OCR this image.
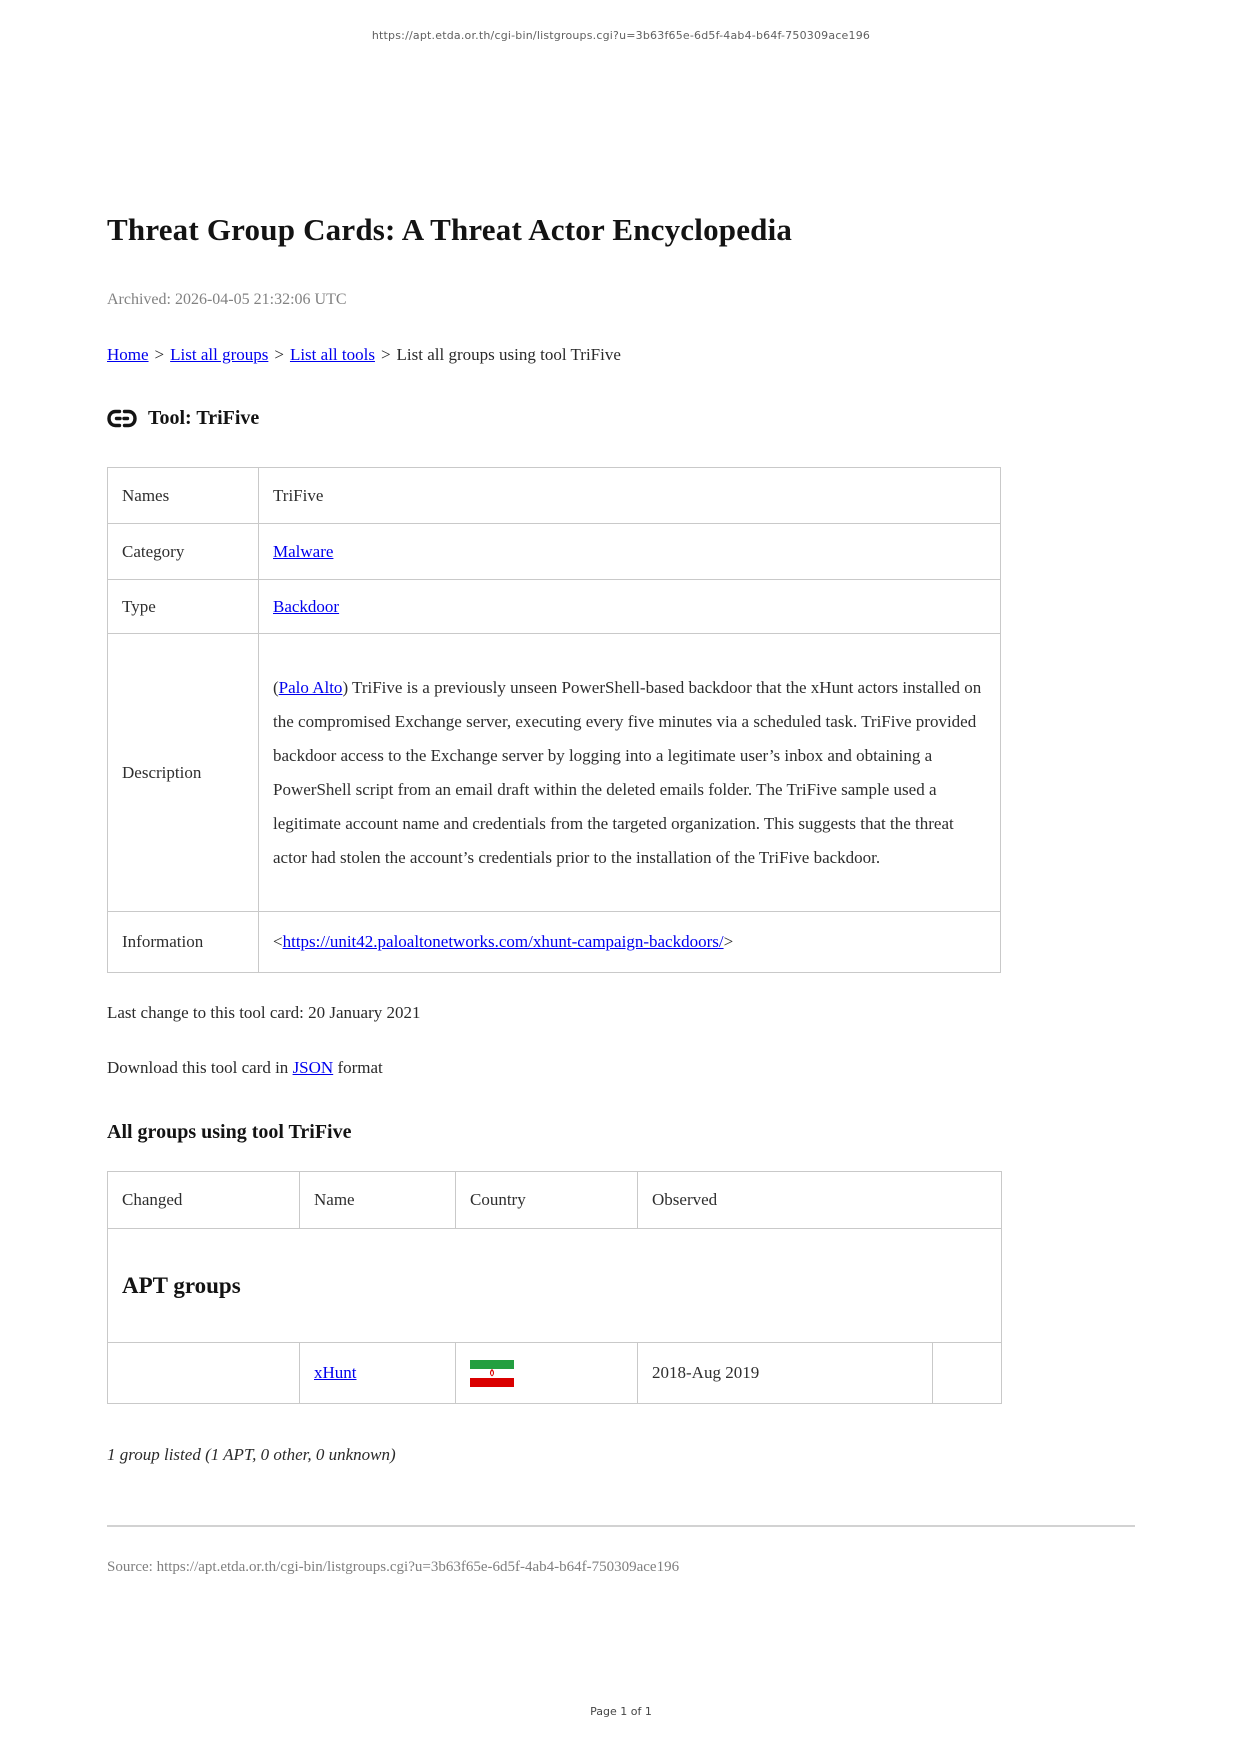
https://apt.etda.or.th/cgi-bin/listgroups.cgi?u=3b63f65e-6d5f-4ab4-b64f-750309ace196
Threat Group Cards: A Threat Actor Encyclopedia

Archived: 2026-04-05 21:32:06 UTC

Home > List all groups > List all tools > List all groups using tool TriFive

Tool: TriFive
Names	TriFive
Category	Malware
Type	Backdoor
Description	(Palo Alto) TriFive is a previously unseen PowerShell-based backdoor that the xHunt actors installed on the compromised Exchange server, executing every five minutes via a scheduled task. TriFive provided backdoor access to the Exchange server by logging into a legitimate user’s inbox and obtaining a PowerShell script from an email draft within the deleted emails folder. The TriFive sample used a legitimate account name and credentials from the targeted organization. This suggests that the threat actor had stolen the account’s credentials prior to the installation of the TriFive backdoor.
Information	<https://unit42.paloaltonetworks.com/xhunt-campaign-backdoors/>

Last change to this tool card: 20 January 2021

Download this tool card in JSON format

All groups using tool TriFive
Changed	Name	Country	Observed	
APT groups				
	xHunt		2018-Aug 2019	

1 group listed (1 APT, 0 other, 0 unknown)

Source: https://apt.etda.or.th/cgi-bin/listgroups.cgi?u=3b63f65e-6d5f-4ab4-b64f-750309ace196

Page 1 of 1
